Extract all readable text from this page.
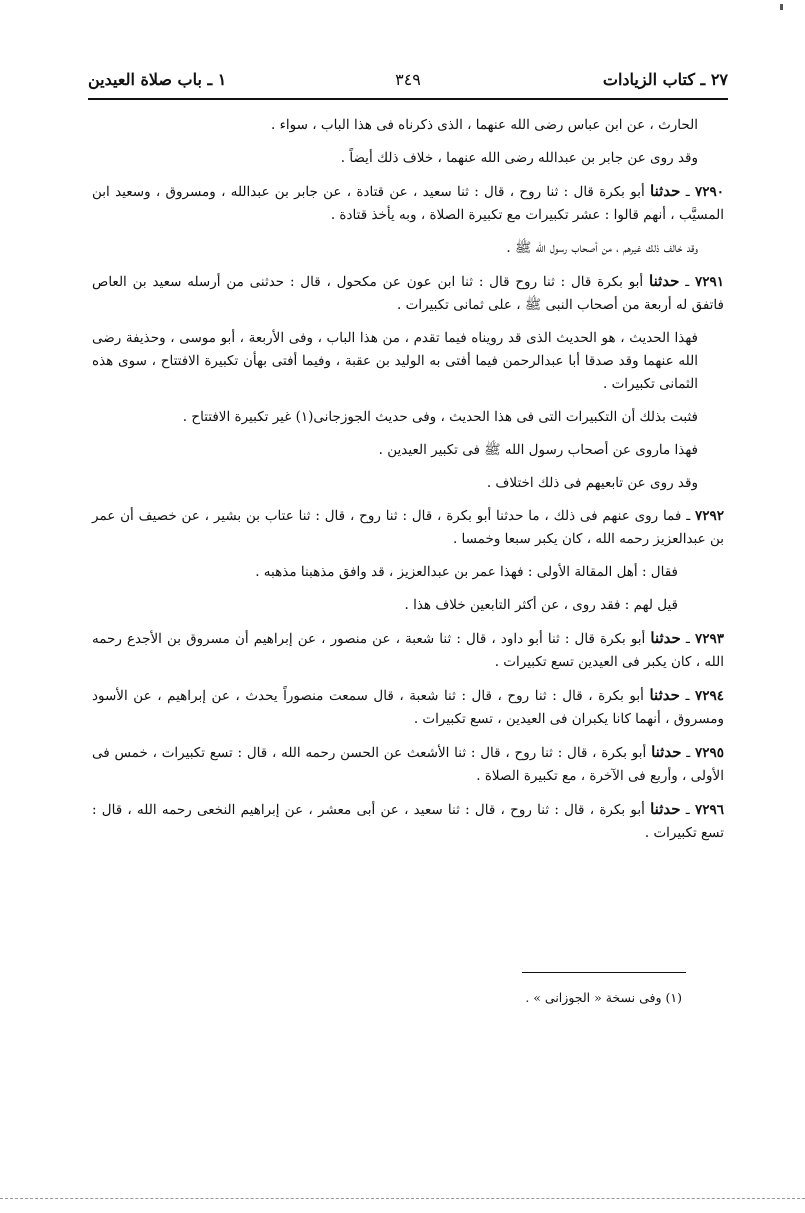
٢٧ ـ كتاب الزيادات
٣٤٩
١ ـ باب صلاة العيدين

الحارث ، عن ابن عباس رضى الله عنهما ، الذى ذكرناه فى هذا الباب ، سواء .

وقد روى عن جابر بن عبدالله رضى الله عنهما ، خلاف ذلك أيضاً .

٧٢٩٠ ـ حدثنا أبو بكرة قال : ثنا روح ، قال : ثنا سعيد ، عن قتادة ، عن جابر بن عبدالله ، ومسروق ، وسعيد ابن المسيَّب ، أنهم قالوا : عشر تكبيرات مع تكبيرة الصلاة ، وبه يأخذ قتادة .

وقد خالف ذلك غيرهم ، من أصحاب رسول الله ﷺ .

٧٢٩١ ـ حدثنا أبو بكرة قال : ثنا روح قال : ثنا ابن عون عن مكحول ، قال : حدثنى من أرسله سعيد بن العاص فاتفق له أربعة من أصحاب النبى ﷺ ، على ثمانى تكبيرات .

فهذا الحديث ، هو الحديث الذى قد رويناه فيما تقدم ، من هذا الباب ، وفى الأربعة ، أبو موسى ، وحذيفة رضى الله عنهما وقد صدقا أبا عبدالرحمن فيما أفتى به الوليد بن عقبة ، وفيما أفتى بهأن تكبيرة الافتتاح ، سوى هذه الثمانى تكبيرات .

فثبت بذلك أن التكبيرات التى فى هذا الحديث ، وفى حديث الجوزجانى(١) غير تكبيرة الافتتاح .

فهذا ماروى عن أصحاب رسول الله ﷺ فى تكبير العيدين .

وقد روى عن تابعيهم فى ذلك اختلاف .

٧٢٩٢ ـ فما روى عنهم فى ذلك ، ما حدثنا أبو بكرة ، قال : ثنا روح ، قال : ثنا عتاب بن بشير ، عن خصيف أن عمر بن عبدالعزيز رحمه الله ، كان يكبر سبعا وخمسا .

فقال : أهل المقالة الأولى : فهذا عمر بن عبدالعزيز ، قد وافق مذهبنا مذهبه .

قيل لهم : فقد روى ، عن أكثر التابعين خلاف هذا .

٧٢٩٣ ـ حدثنا أبو بكرة قال : ثنا أبو داود ، قال : ثنا شعبة ، عن منصور ، عن إبراهيم أن مسروق بن الأجدع رحمه الله ، كان يكبر فى العيدين تسع تكبيرات .

٧٢٩٤ ـ حدثنا أبو بكرة ، قال : ثنا روح ، قال : ثنا شعبة ، قال سمعت منصوراً يحدث ، عن إبراهيم ، عن الأسود ومسروق ، أنهما كانا يكبران فى العيدين ، تسع تكبيرات .

٧٢٩٥ ـ حدثنا أبو بكرة ، قال : ثنا روح ، قال : ثنا الأشعث عن الحسن رحمه الله ، قال : تسع تكبيرات ، خمس فى الأولى ، وأربع فى الآخرة ، مع تكبيرة الصلاة .

٧٢٩٦ ـ حدثنا أبو بكرة ، قال : ثنا روح ، قال : ثنا سعيد ، عن أبى معشر ، عن إبراهيم النخعى رحمه الله ، قال : تسع تكبيرات .

(١) وفى نسخة « الجوزانى » .
